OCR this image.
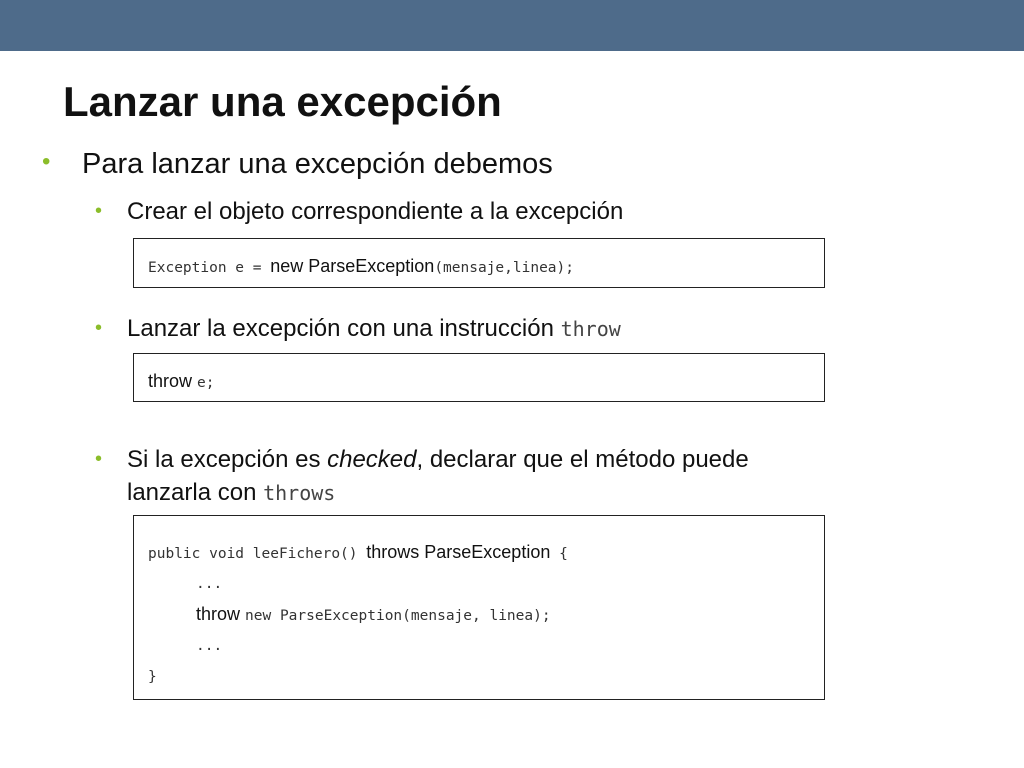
Lanzar una excepción
• Para lanzar una excepción debemos
• Crear el objeto correspondiente a la excepción
Exception e = new ParseException(mensaje,linea);
• Lanzar la excepción con una instrucción throw
throw e;
• Si la excepción es checked, declarar que el método puede
lanzarla con throws
public void leeFichero() throws ParseException {
...
throw new ParseException(mensaje, linea);
...
}
